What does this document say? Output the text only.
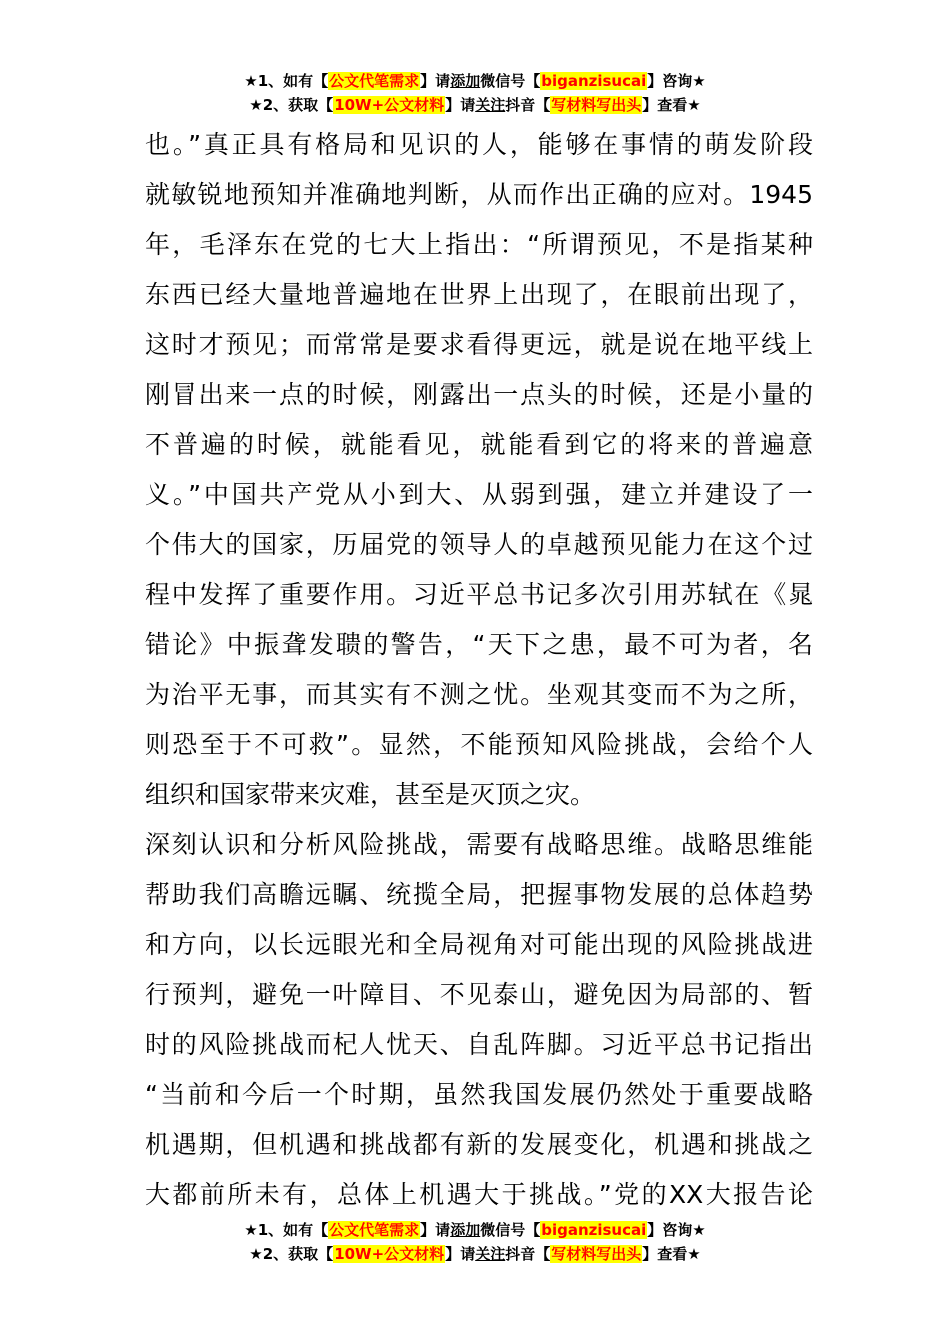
★1、如有【公文代笔需求】请添加微信号【biganzisucai】咨询★
★2、获取【10W+公文材料】请关注抖音【写材料写出头】查看★
也。”真正具有格局和见识的人，能够在事情的萌发阶段
就敏锐地预知并准确地判断，从而作出正确的应对。1945
年，毛泽东在党的七大上指出：“所谓预见，不是指某种
东西已经大量地普遍地在世界上出现了，在眼前出现了，
这时才预见；而常常是要求看得更远，就是说在地平线上
刚冒出来一点的时候，刚露出一点头的时候，还是小量的
不普遍的时候，就能看见，就能看到它的将来的普遍意
义。”中国共产党从小到大、从弱到强，建立并建设了一
个伟大的国家，历届党的领导人的卓越预见能力在这个过
程中发挥了重要作用。习近平总书记多次引用苏轼在《晁
错论》中振聋发聩的警告，“天下之患，最不可为者，名
为治平无事，而其实有不测之忧。坐观其变而不为之所，
则恐至于不可救”。显然，不能预知风险挑战，会给个人
组织和国家带来灾难，甚至是灭顶之灾。
深刻认识和分析风险挑战，需要有战略思维。战略思维能
帮助我们高瞻远瞩、统揽全局，把握事物发展的总体趋势
和方向，以长远眼光和全局视角对可能出现的风险挑战进
行预判，避免一叶障目、不见泰山，避免因为局部的、暂
时的风险挑战而杞人忧天、自乱阵脚。习近平总书记指出
“当前和今后一个时期，虽然我国发展仍然处于重要战略
机遇期，但机遇和挑战都有新的发展变化，机遇和挑战之
大都前所未有，总体上机遇大于挑战。”党的XX大报告论
★1、如有【公文代笔需求】请添加微信号【biganzisucai】咨询★
★2、获取【10W+公文材料】请关注抖音【写材料写出头】查看★
